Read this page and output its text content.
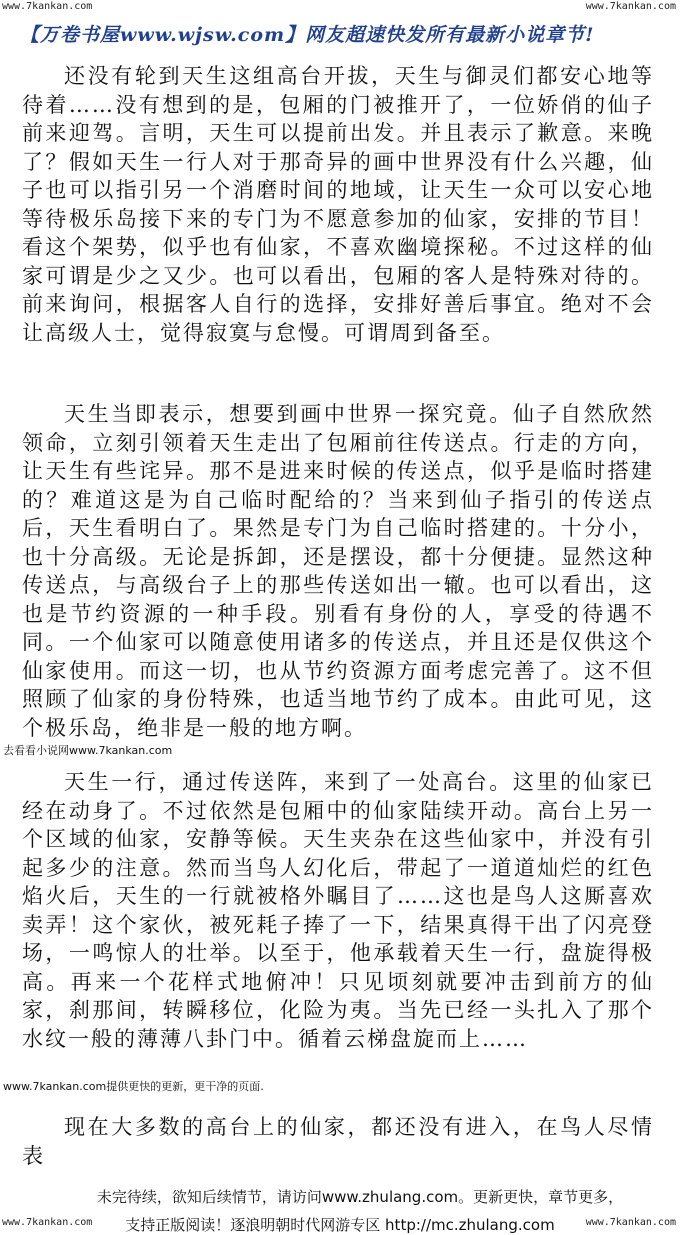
www.7kankan.com	www.7kankan.com
【万卷书屋www.wjsw.com】网友超速快发所有最新小说章节!

还没有轮到天生这组高台开拔，天生与御灵们都安心地等待着……没有想到的是，包厢的门被推开了，一位娇俏的仙子前来迎驾。言明，天生可以提前出发。并且表示了歉意。来晚了？假如天生一行人对于那奇异的画中世界没有什么兴趣，仙子也可以指引另一个消磨时间的地域，让天生一众可以安心地等待极乐岛接下来的专门为不愿意参加的仙家，安排的节目！看这个架势，似乎也有仙家，不喜欢幽境探秘。不过这样的仙家可谓是少之又少。也可以看出，包厢的客人是特殊对待的。前来询问，根据客人自行的选择，安排好善后事宜。绝对不会让高级人士，觉得寂寞与怠慢。可谓周到备至。

天生当即表示，想要到画中世界一探究竟。仙子自然欣然领命，立刻引领着天生走出了包厢前往传送点。行走的方向，让天生有些诧异。那不是进来时候的传送点，似乎是临时搭建的？难道这是为自己临时配给的？当来到仙子指引的传送点后，天生看明白了。果然是专门为自己临时搭建的。十分小，也十分高级。无论是拆卸，还是摆设，都十分便捷。显然这种传送点，与高级台子上的那些传送如出一辙。也可以看出，这也是节约资源的一种手段。别看有身份的人，享受的待遇不同。一个仙家可以随意使用诸多的传送点，并且还是仅供这个仙家使用。而这一切，也从节约资源方面考虑完善了。这不但照顾了仙家的身份特殊，也适当地节约了成本。由此可见，这个极乐岛，绝非是一般的地方啊。

去看看小说网www.7kankan.com

天生一行，通过传送阵，来到了一处高台。这里的仙家已经在动身了。不过依然是包厢中的仙家陆续开动。高台上另一个区域的仙家，安静等候。天生夹杂在这些仙家中，并没有引起多少的注意。然而当鸟人幻化后，带起了一道道灿烂的红色焰火后，天生的一行就被格外瞩目了……这也是鸟人这厮喜欢卖弄！这个家伙，被死耗子捧了一下，结果真得干出了闪亮登场，一鸣惊人的壮举。以至于，他承载着天生一行，盘旋得极高。再来一个花样式地俯冲！只见顷刻就要冲击到前方的仙家，刹那间，转瞬移位，化险为夷。当先已经一头扎入了那个水纹一般的薄薄八卦门中。循着云梯盘旋而上……

www.7kankan.com提供更快的更新，更干净的页面.

现在大多数的高台上的仙家，都还没有进入，在鸟人尽情表

未完待续，欲知后续情节，请访问www.zhulang.com。更新更快，章节更多，
支持正版阅读！逐浪明朝时代网游专区 http://mc.zhulang.com
www.7kankan.com	www.7kankan.com
